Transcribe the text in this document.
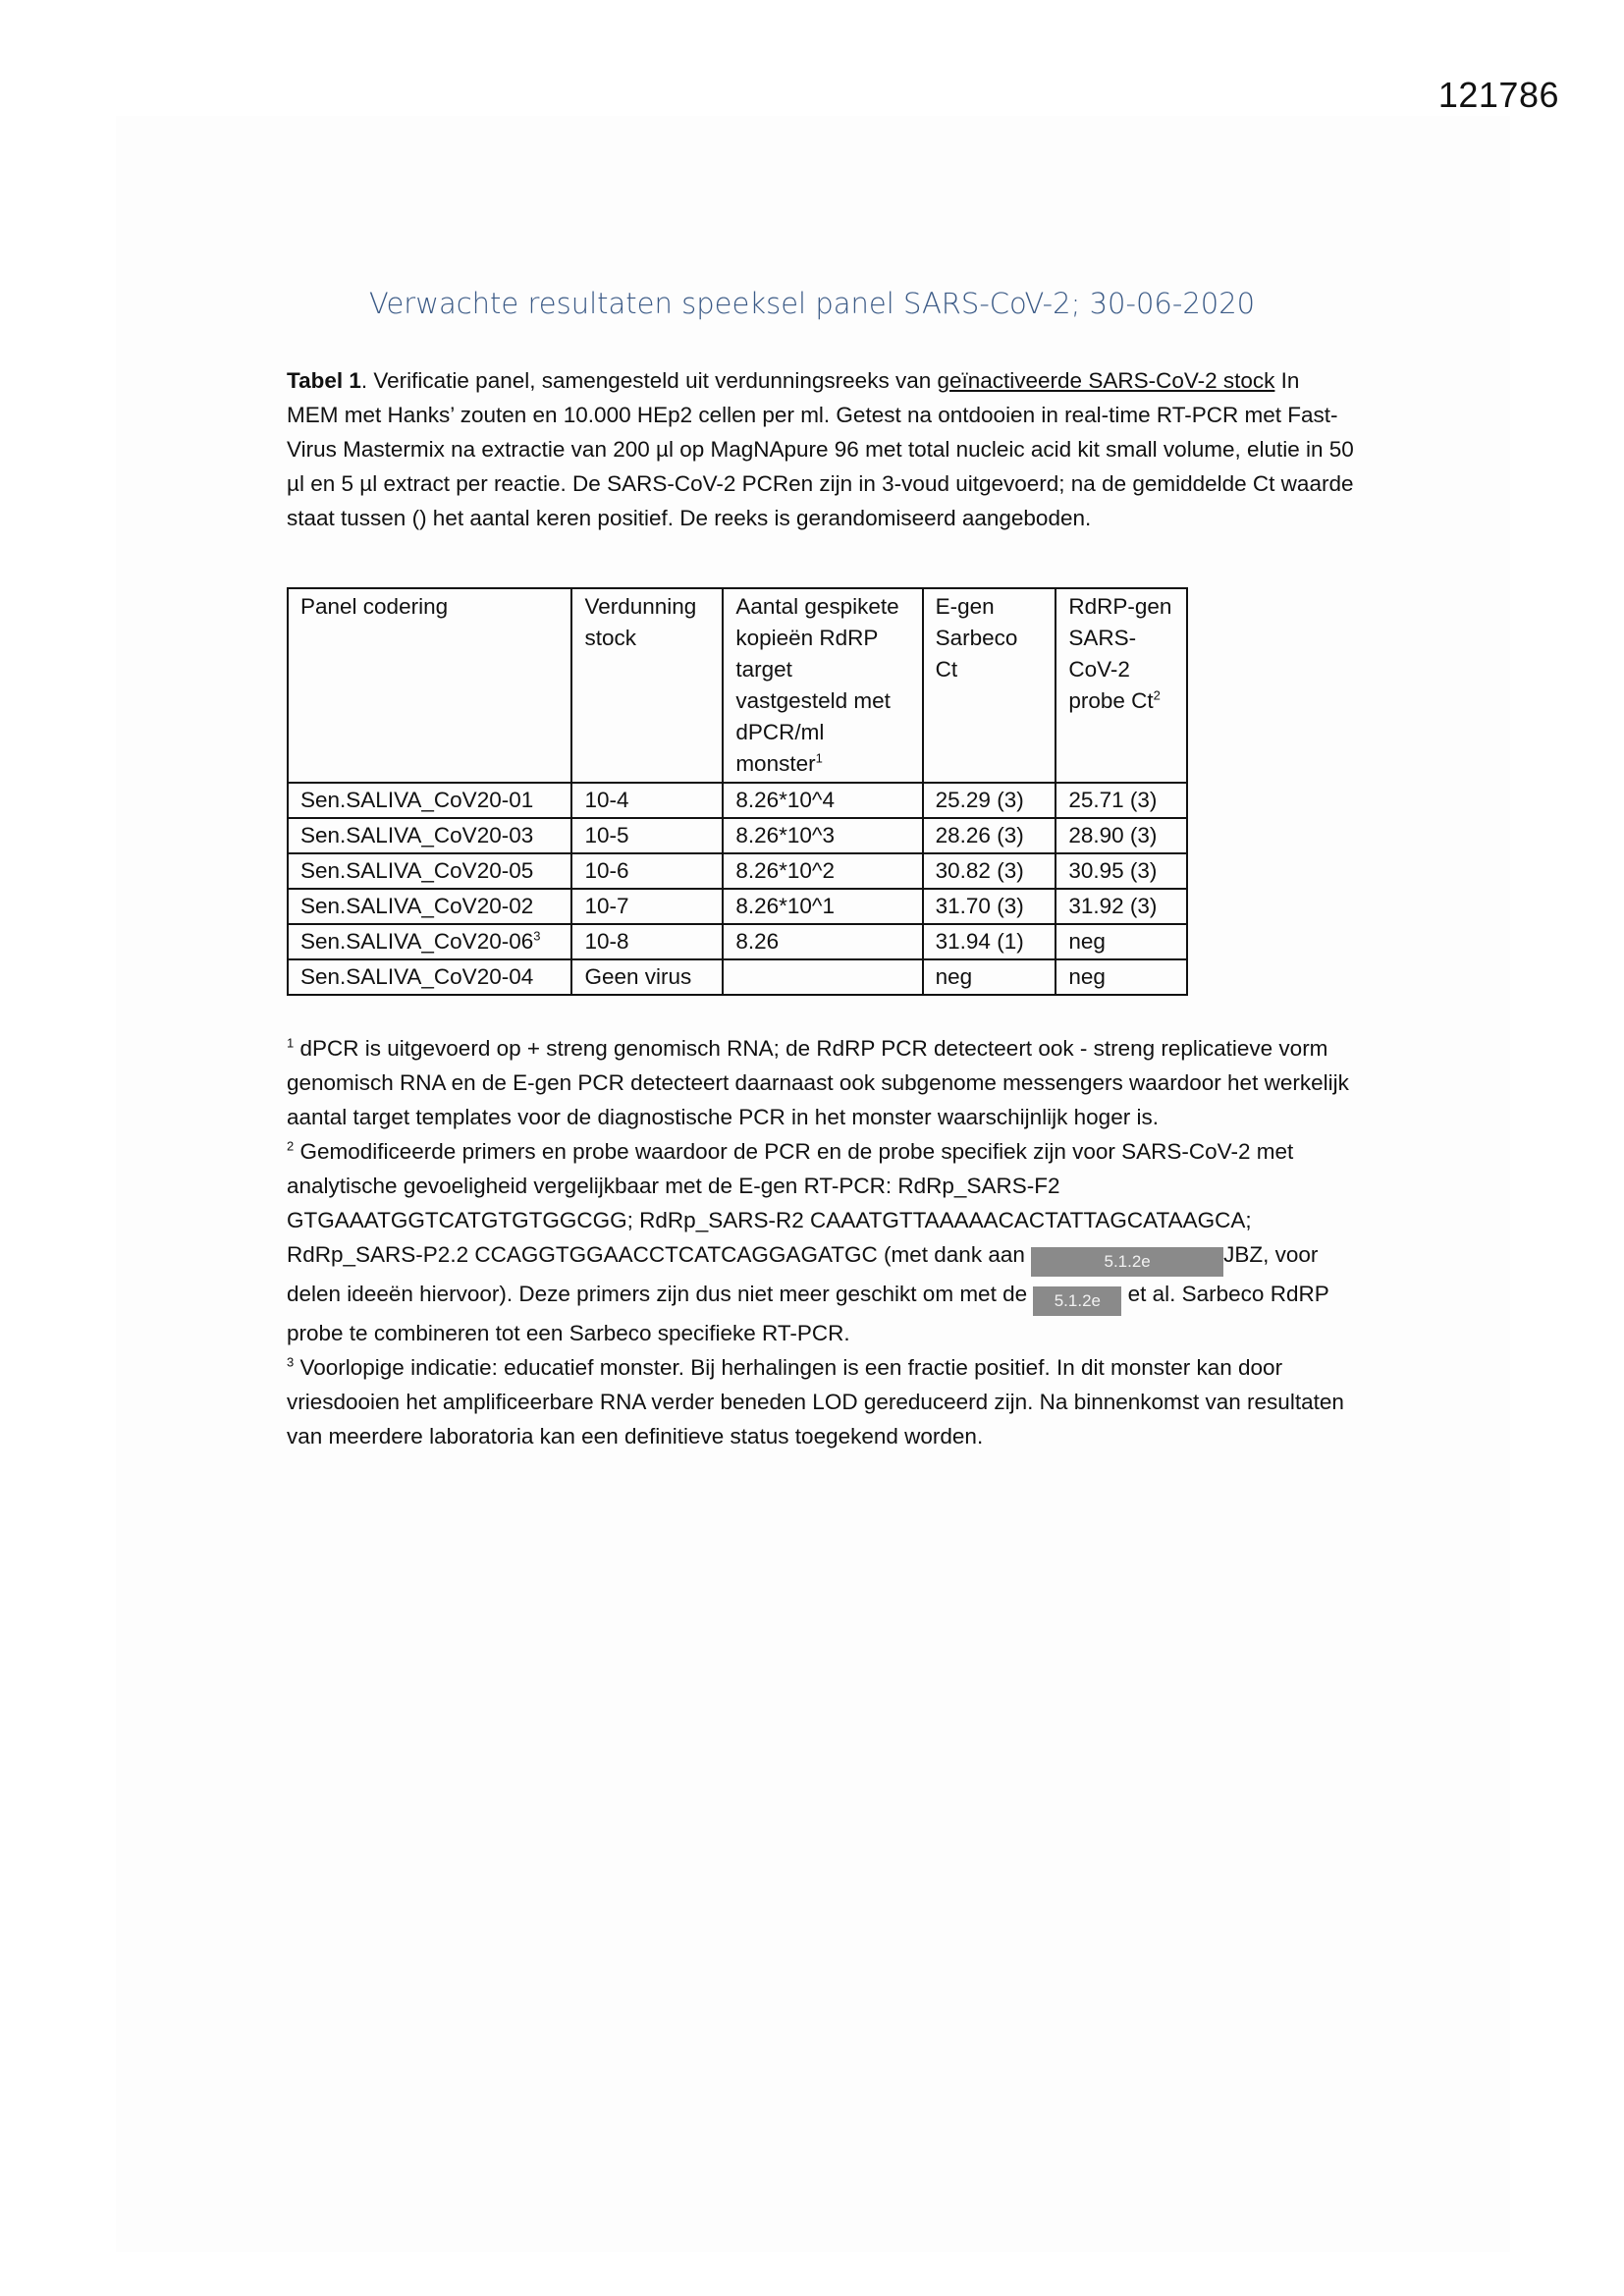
121786
Verwachte resultaten speeksel panel SARS-CoV-2; 30-06-2020
Tabel 1. Verificatie panel, samengesteld uit verdunningsreeks van geïnactiveerde SARS-CoV-2 stock In MEM met Hanks’ zouten en 10.000 HEp2 cellen per ml. Getest na ontdooien in real-time RT-PCR met Fast-Virus Mastermix na extractie van 200 µl op MagNApure 96 met total nucleic acid kit small volume, elutie in 50 µl en 5 µl extract per reactie. De SARS-CoV-2 PCRen zijn in 3-voud uitgevoerd; na de gemiddelde Ct waarde staat tussen () het aantal keren positief. De reeks is gerandomiseerd aangeboden.
Panel codering	Verdunning stock	Aantal gespikete kopieën RdRP target vastgesteld met dPCR/ml monster$^1$	E-gen Sarbeco Ct	RdRP-gen SARS-CoV-2 probe Ct$^2$
Sen.SALIVA_CoV20-01	10-4	8.26*10^4	25.29 (3)	25.71 (3)
Sen.SALIVA_CoV20-03	10-5	8.26*10^3	28.26 (3)	28.90 (3)
Sen.SALIVA_CoV20-05	10-6	8.26*10^2	30.82 (3)	30.95 (3)
Sen.SALIVA_CoV20-02	10-7	8.26*10^1	31.70 (3)	31.92 (3)
$Sen.SALIVA\_CoV20-06^3$	10-8	8.26	31.94 (1)	neg
Sen.SALIVA_CoV20-04	Geen virus		neg	neg

$^1$ dPCR is uitgevoerd op + streng genomisch RNA; de RdRP PCR detecteert ook - streng replicatieve vorm genomisch RNA en de E-gen PCR detecteert daarnaast ook subgenome messengers waardoor het werkelijk aantal target templates voor de diagnostische PCR in het monster waarschijnlijk hoger is.

$^2$ Gemodificeerde primers en probe waardoor de PCR en de probe specifiek zijn voor SARS-CoV-2 met analytische gevoeligheid vergelijkbaar met de E-gen RT-PCR: RdRp_SARS-F2 GTGAAATGGTCATGTGTGGCGG; RdRp_SARS-R2 CAAATGTTAAAAACACTATTAGCATAAGCA; RdRp_SARS-P2.2 CCAGGTGGAACCTCATCAGGAGATGC (met dank aan	5.1.2e	JBZ, voor delen ideeën hiervoor). Deze primers zijn dus niet meer geschikt om met de 5.1.2e et al. Sarbeco RdRP probe te combineren tot een Sarbeco specifieke RT-PCR.

$^3$ Voorlopige indicatie: educatief monster. Bij herhalingen is een fractie positief. In dit monster kan door vriesdooien het amplificeerbare RNA verder beneden LOD gereduceerd zijn. Na binnenkomst van resultaten van meerdere laboratoria kan een definitieve status toegekend worden.
